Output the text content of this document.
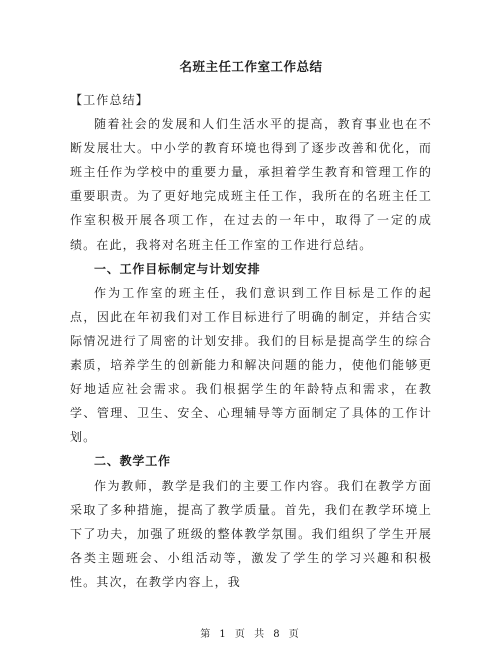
名班主任工作室工作总结

【工作总结】

随着社会的发展和人们生活水平的提高，教育事业也在不断发展壮大。中小学的教育环境也得到了逐步改善和优化，而班主任作为学校中的重要力量，承担着学生教育和管理工作的重要职责。为了更好地完成班主任工作，我所在的名班主任工作室积极开展各项工作，在过去的一年中，取得了一定的成绩。在此，我将对名班主任工作室的工作进行总结。

一、工作目标制定与计划安排

作为工作室的班主任，我们意识到工作目标是工作的起点，因此在年初我们对工作目标进行了明确的制定，并结合实际情况进行了周密的计划安排。我们的目标是提高学生的综合素质，培养学生的创新能力和解决问题的能力，使他们能够更好地适应社会需求。我们根据学生的年龄特点和需求，在教学、管理、卫生、安全、心理辅导等方面制定了具体的工作计划。

二、教学工作

作为教师，教学是我们的主要工作内容。我们在教学方面采取了多种措施，提高了教学质量。首先，我们在教学环境上下了功夫，加强了班级的整体教学氛围。我们组织了学生开展各类主题班会、小组活动等，激发了学生的学习兴趣和积极性。其次，在教学内容上，我

第 1 页 共 8 页
